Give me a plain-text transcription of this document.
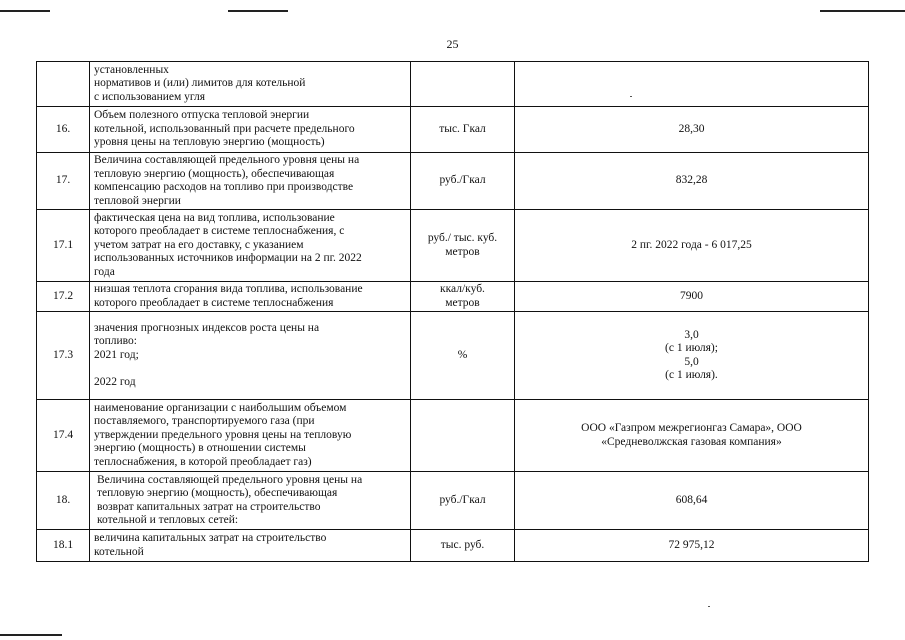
25

	установленных
нормативов и (или) лимитов для котельной
с использованием угля		

16.	Объем полезного отпуска тепловой энергии
котельной, использованный при расчете предельного
уровня цены на тепловую энергию (мощность)	тыс. Гкал	28,30

17.	Величина составляющей предельного уровня цены на
тепловую энергию (мощность), обеспечивающая
компенсацию расходов на топливо при производстве
тепловой энергии	руб./Гкал	832,28

17.1	фактическая цена на вид топлива, использование
которого преобладает в системе теплоснабжения, с
учетом затрат на его доставку, с указанием
использованных источников информации на 2 пг. 2022
года	руб./ тыс. куб.
метров	2 пг. 2022 года - 6 017,25

17.2	низшая теплота сгорания вида топлива, использование
которого преобладает в системе теплоснабжения	ккал/куб.
метров	7900

17.3	значения прогнозных индексов роста цены на
топливо:
2021 год;
2022 год	%	3,0
(с 1 июля);
5,0
(с 1 июля).

17.4	наименование организации с наибольшим объемом
поставляемого, транспортируемого газа (при
утверждении предельного уровня цены на тепловую
энергию (мощность) в отношении системы
теплоснабжения, в которой преобладает газ)		ООО «Газпром межрегионгаз Самара», ООО
«Средневолжская газовая компания»

18.	Величина составляющей предельного уровня цены на
тепловую энергию (мощность), обеспечивающая
возврат капитальных затрат на строительство
котельной и тепловых сетей:	руб./Гкал	608,64

18.1	величина капитальных затрат на строительство
котельной	тыс. руб.	72 975,12
